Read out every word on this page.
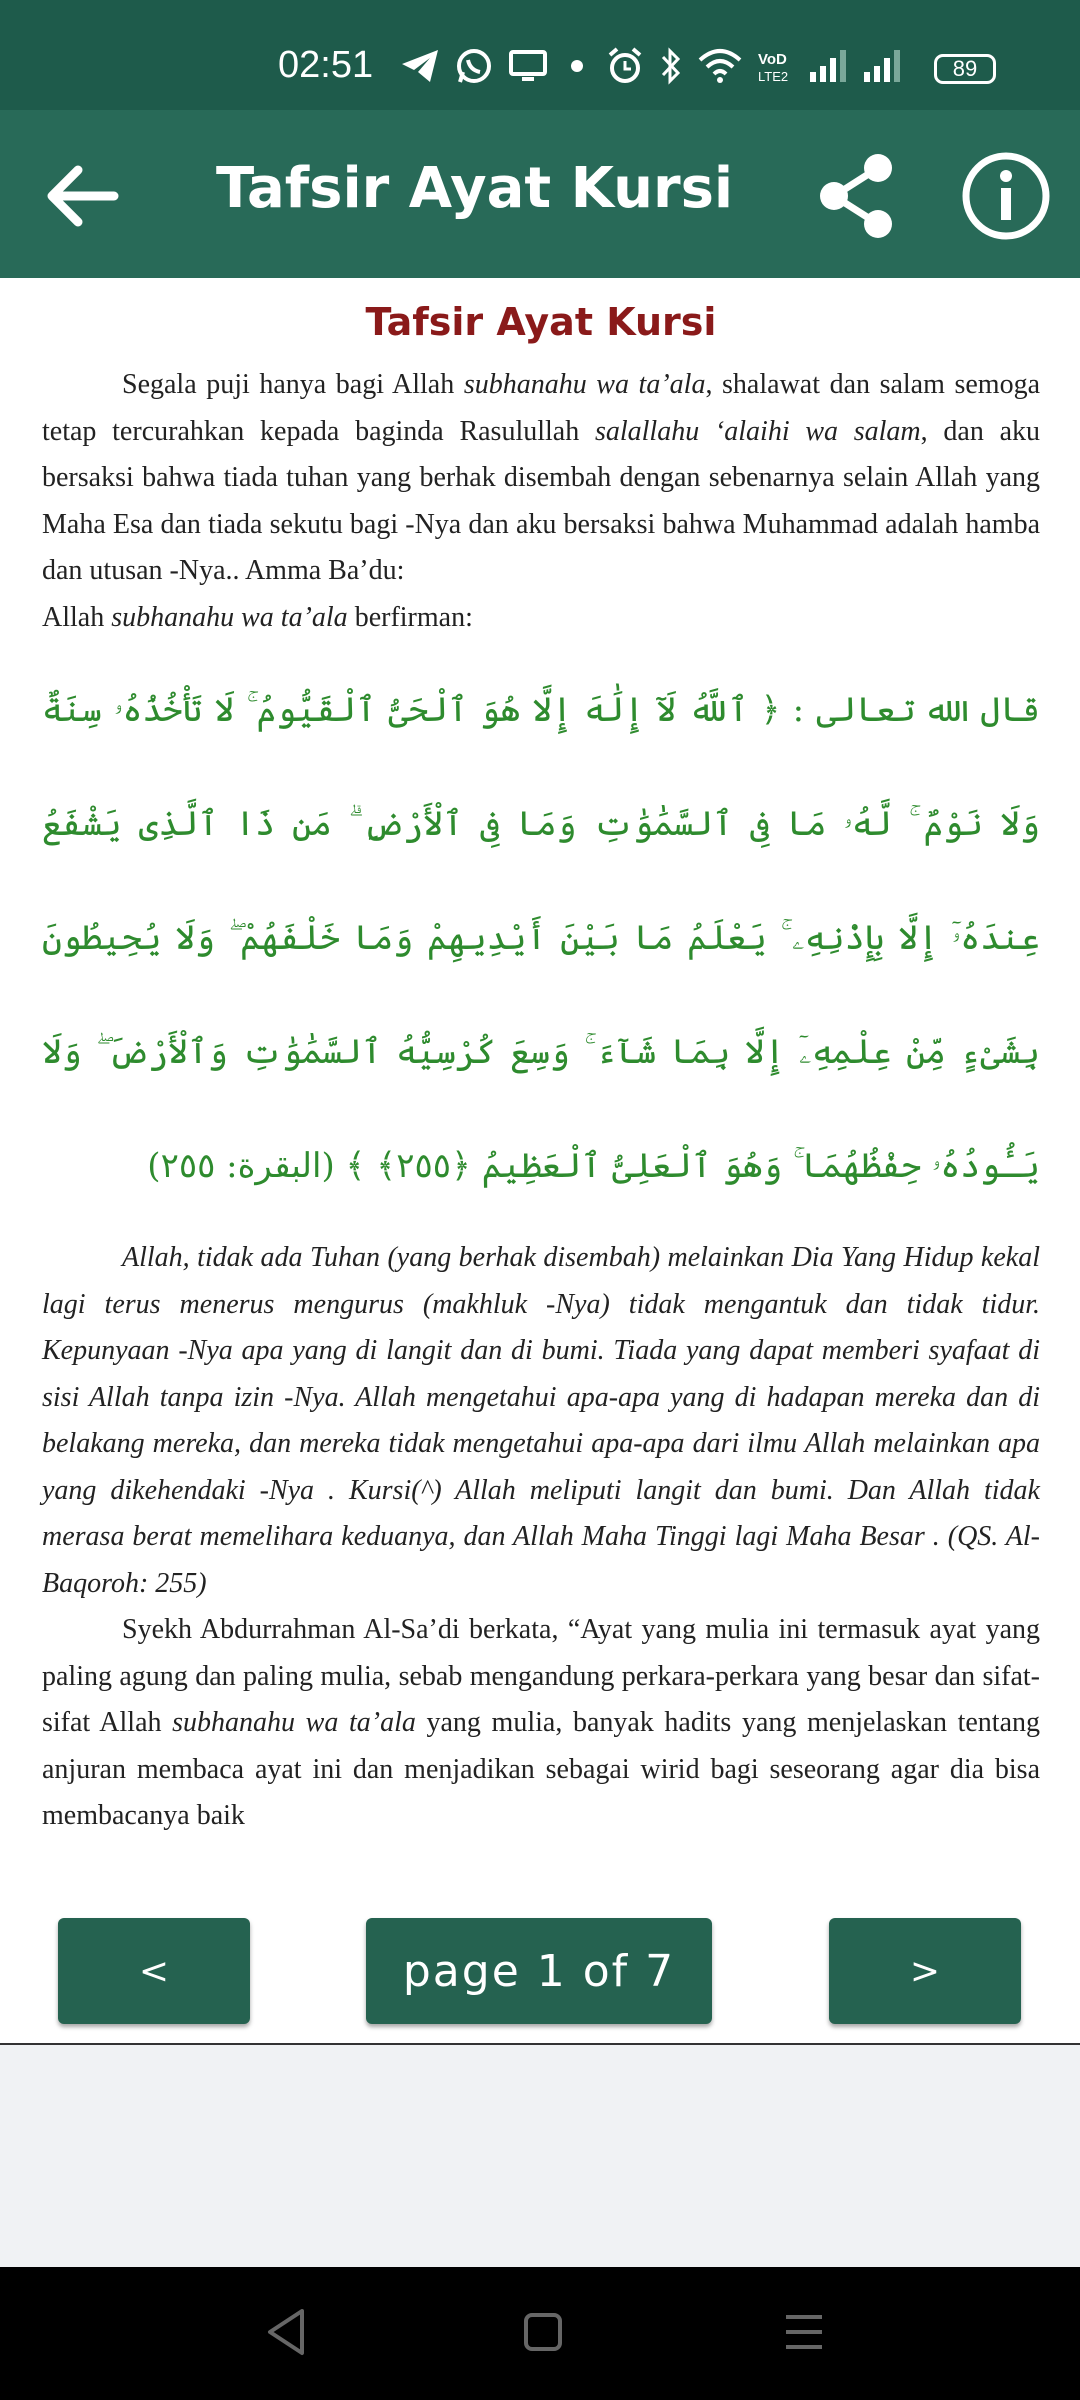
02:51	VoD
LTE2	89
Tafsir Ayat Kursi
Tafsir Ayat Kursi

Segala puji hanya bagi Allah subhanahu wa ta’ala, shalawat dan salam semoga tetap tercurahkan kepada baginda Rasulullah salallahu ‘alaihi wa salam, dan aku bersaksi bahwa tiada tuhan yang berhak disembah dengan sebenarnya selain Allah yang Maha Esa dan tiada sekutu bagi -Nya dan aku bersaksi bahwa Muhammad adalah hamba dan utusan -Nya.. Amma Ba’du:

Allah subhanahu wa ta’ala berfirman:

قال الله تعالى : ﴿ ٱللَّهُ لَآ إِلَٰهَ إِلَّا هُوَ ٱلْحَىُّ ٱلْقَيُّومُ ۚ لَا تَأْخُذُهُۥ سِنَةٌ وَلَا نَوْمٌ ۚ لَّهُۥ مَا فِى ٱلسَّمَٰوَٰتِ وَمَا فِى ٱلْأَرْضِ ۗ مَن ذَا ٱلَّذِى يَشْفَعُ عِندَهُۥٓ إِلَّا بِإِذْنِهِۦ ۚ يَعْلَمُ مَا بَيْنَ أَيْدِيهِمْ وَمَا خَلْفَهُمْ ۖ وَلَا يُحِيطُونَ بِشَىْءٍ مِّنْ عِلْمِهِۦٓ إِلَّا بِمَا شَآءَ ۚ وَسِعَ كُرْسِيُّهُ ٱلسَّمَٰوَٰتِ وَٱلْأَرْضَ ۖ وَلَا يَـُٔودُهُۥ حِفْظُهُمَا ۚ وَهُوَ ٱلْعَلِىُّ ٱلْعَظِيمُ ﴿٢٥٥﴾ ﴾ (البقرة: ٢٥٥)

Allah, tidak ada Tuhan (yang berhak disembah) melainkan Dia Yang Hidup kekal lagi terus menerus mengurus (makhluk -Nya) tidak mengantuk dan tidak tidur. Kepunyaan -Nya apa yang di langit dan di bumi. Tiada yang dapat memberi syafaat di sisi Allah tanpa izin -Nya. Allah mengetahui apa-apa yang di hadapan mereka dan di belakang mereka, dan mereka tidak mengetahui apa-apa dari ilmu Allah melainkan apa yang dikehendaki -Nya . Kursi(^) Allah meliputi langit dan bumi. Dan Allah tidak merasa berat memelihara keduanya, dan Allah Maha Tinggi lagi Maha Besar . (QS. Al-Baqoroh: 255)

Syekh Abdurrahman Al-Sa’di berkata, “Ayat yang mulia ini termasuk ayat yang paling agung dan paling mulia, sebab mengandung perkara-perkara yang besar dan sifat-sifat Allah subhanahu wa ta’ala yang mulia, banyak hadits yang menjelaskan tentang anjuran membaca ayat ini dan menjadikan sebagai wirid bagi seseorang agar dia bisa membacanya baik

<	page 1 of 7	>
